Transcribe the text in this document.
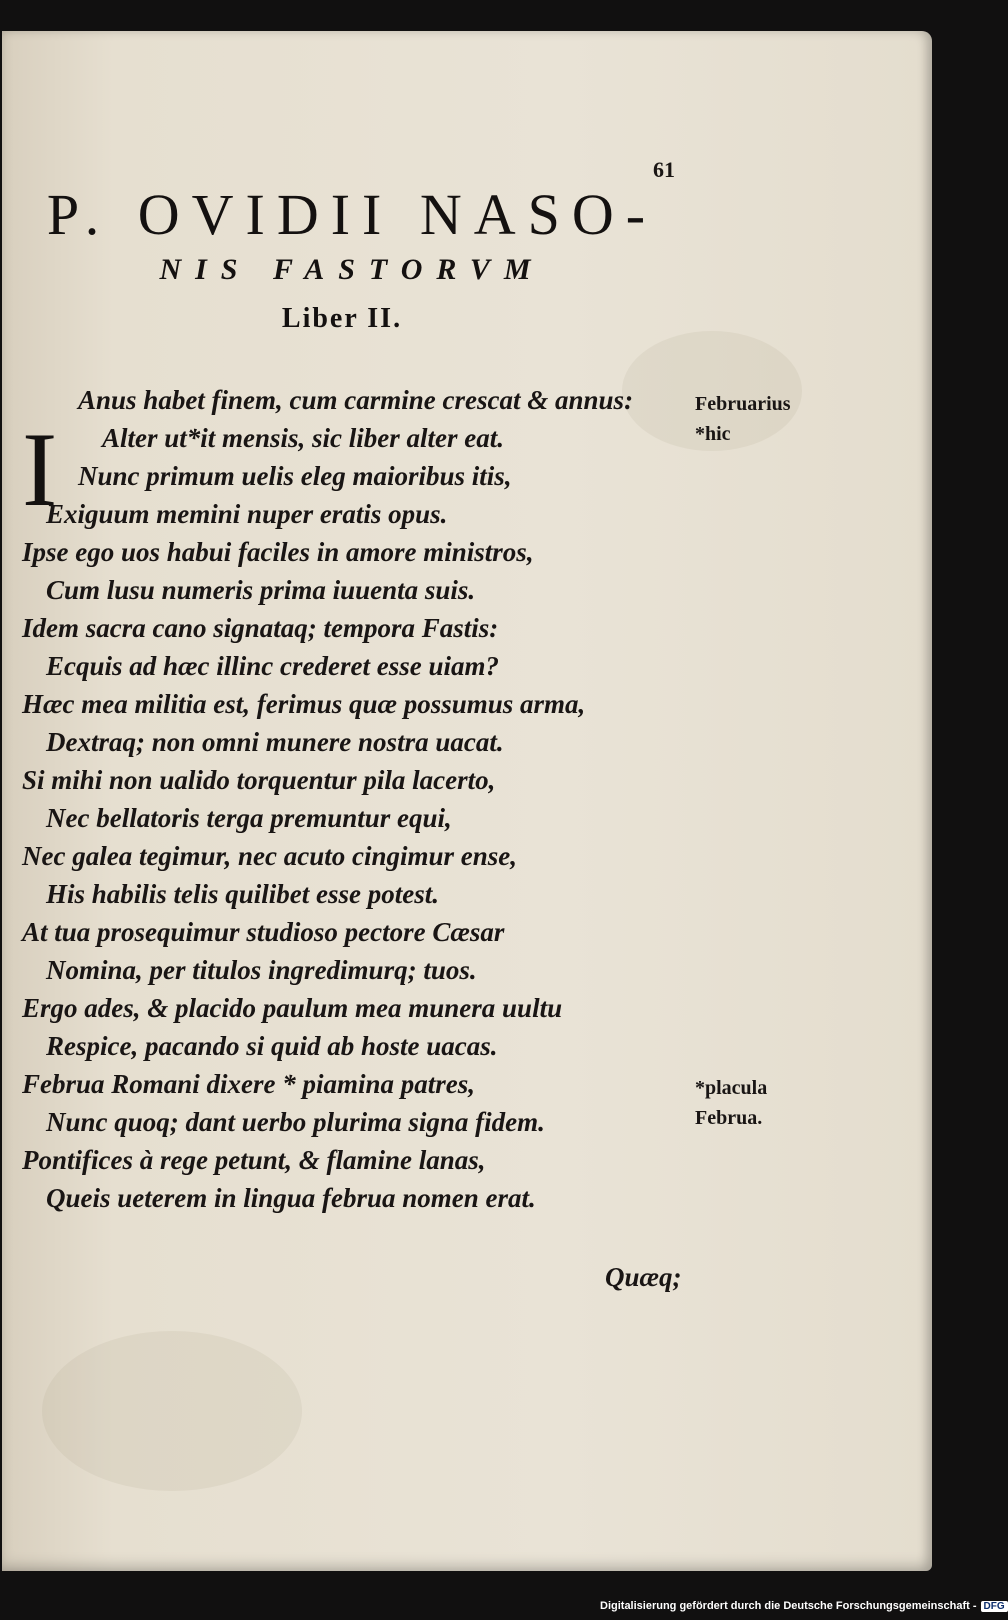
61
P. OVIDII NASO-
NIS FASTORVM
Liber II.
I
Anus habet finem, cum carmine crescat & annus:
Alter ut*it mensis, sic liber alter eat.
Nunc primum uelis eleg maioribus itis,
Exiguum memini nuper eratis opus.
Ipse ego uos habui faciles in amore ministros,
Cum lusu numeris prima iuuenta suis.
Idem sacra cano signataq; tempora Fastis:
Ecquis ad hæc illinc crederet esse uiam?
Hæc mea militia est, ferimus quæ possumus arma,
Dextraq; non omni munere nostra uacat.
Si mihi non ualido torquentur pila lacerto,
Nec bellatoris terga premuntur equi,
Nec galea tegimur, nec acuto cingimur ense,
His habilis telis quilibet esse potest.
At tua prosequimur studioso pectore Cæsar
Nomina, per titulos ingredimurq; tuos.
Ergo ades, & placido paulum mea munera uultu
Respice, pacando si quid ab hoste uacas.
Februa Romani dixere * piamina patres,
Nunc quoq; dant uerbo plurima signa fidem.
Pontifices à rege petunt, & flamine lanas,
Queis ueterem in lingua februa nomen erat.
Februarius
*hic
*placula
Februa.
Quæq;
Digitalisierung gefördert durch die Deutsche Forschungsgemeinschaft - DFG
